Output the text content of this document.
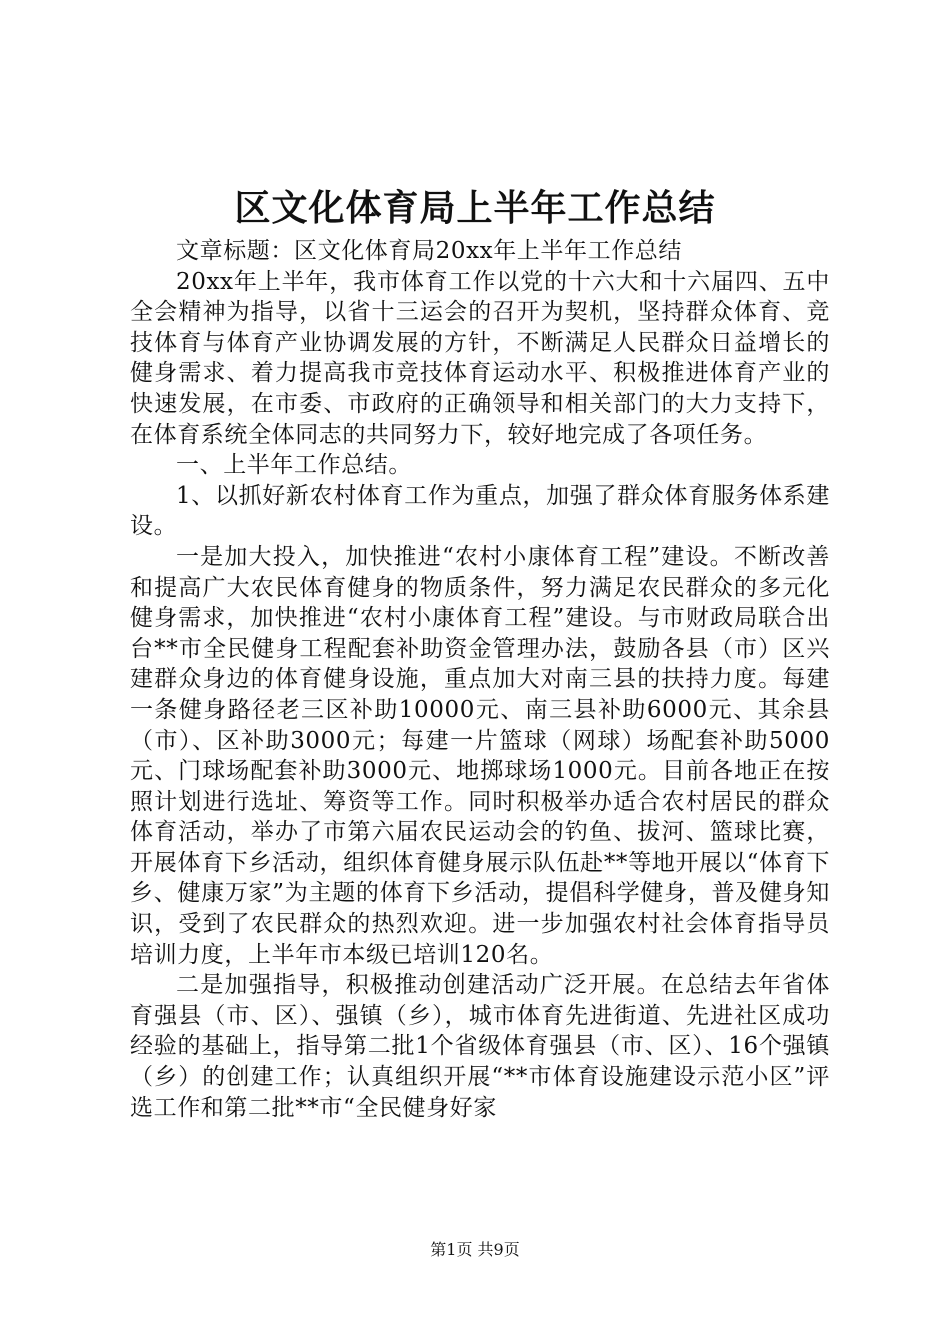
区文化体育局上半年工作总结

文章标题：区文化体育局20xx年上半年工作总结

20xx年上半年，我市体育工作以党的十六大和十六届四、五中全会精神为指导，以省十三运会的召开为契机，坚持群众体育、竞技体育与体育产业协调发展的方针，不断满足人民群众日益增长的健身需求、着力提高我市竞技体育运动水平、积极推进体育产业的快速发展，在市委、市政府的正确领导和相关部门的大力支持下，在体育系统全体同志的共同努力下，较好地完成了各项任务。

一、上半年工作总结。

1、以抓好新农村体育工作为重点，加强了群众体育服务体系建设。

一是加大投入，加快推进“农村小康体育工程”建设。不断改善和提高广大农民体育健身的物质条件，努力满足农民群众的多元化健身需求，加快推进“农村小康体育工程”建设。与市财政局联合出台**市全民健身工程配套补助资金管理办法，鼓励各县（市）区兴建群众身边的体育健身设施，重点加大对南三县的扶持力度。每建一条健身路径老三区补助10000元、南三县补助6000元、其余县（市）、区补助3000元；每建一片篮球（网球）场配套补助5000元、门球场配套补助3000元、地掷球场1000元。目前各地正在按照计划进行选址、筹资等工作。同时积极举办适合农村居民的群众体育活动，举办了市第六届农民运动会的钓鱼、拔河、篮球比赛，开展体育下乡活动，组织体育健身展示队伍赴**等地开展以“体育下乡、健康万家”为主题的体育下乡活动，提倡科学健身，普及健身知识，受到了农民群众的热烈欢迎。进一步加强农村社会体育指导员培训力度，上半年市本级已培训120名。

二是加强指导，积极推动创建活动广泛开展。在总结去年省体育强县（市、区）、强镇（乡），城市体育先进街道、先进社区成功经验的基础上，指导第二批1个省级体育强县（市、区）、16个强镇（乡）的创建工作；认真组织开展“**市体育设施建设示范小区”评选工作和第二批**市“全民健身好家

第1页 共9页
